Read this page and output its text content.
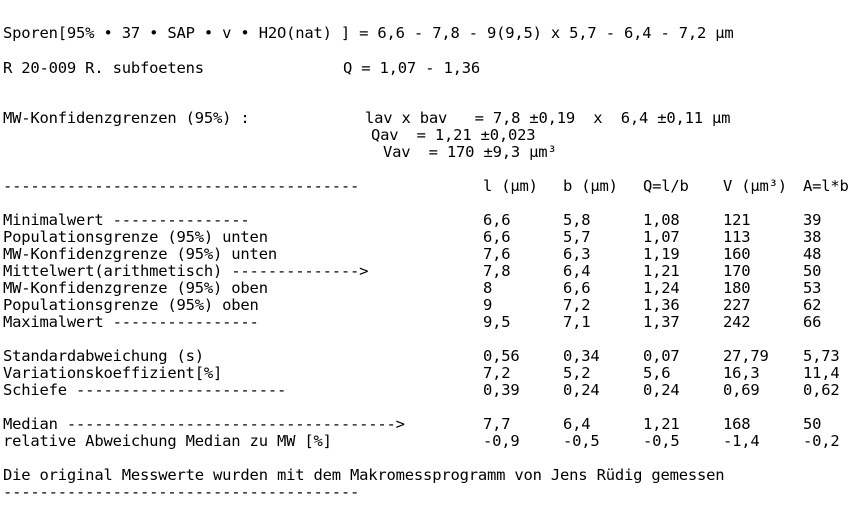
Sporen[95% • 37 • SAP • v • H2O(nat) ] = 6,6 - 7,8 - 9(9,5) x 5,7 - 6,4 - 7,2 µm
R 20-009 R. subfoetens	Q = 1,07 - 1,36
MW-Konfidenzgrenzen (95%) :	lav x bav   = 7,8 ±0,19  x  6,4 ±0,11 µm
Qav  = 1,21 ±0,023
Vav  = 170 ±9,3 µm³
---------------------------------------	l (µm) b (µm) Q=l/b V (µm³) A=l*b
Minimalwert ---------------	6,6	5,8	1,08	121	39
Populationsgrenze (95%) unten	6,6	5,7	1,07	113	38
MW-Konfidenzgrenze (95%) unten	7,6	6,3	1,19	160	48
Mittelwert(arithmetisch) -------------->	7,8	6,4	1,21	170	50
MW-Konfidenzgrenze (95%) oben	8	6,6	1,24	180	53
Populationsgrenze (95%) oben	9	7,2	1,36	227	62
Maximalwert ----------------	9,5	7,1	1,37	242	66
Standardabweichung (s)	0,56	0,34	0,07	27,79 5,73
Variationskoeffizient[%]	7,2	5,2	5,6	16,3	11,4
Schiefe -----------------------	0,39	0,24	0,24	0,69	0,62
Median ------------------------------------>	7,7	6,4	1,21	168	50
relative Abweichung Median zu MW [%]	-0,9	-0,5	-0,5	-1,4	-0,2
Die original Messwerte wurden mit dem Makromessprogramm von Jens Rüdig gemessen
---------------------------------------
